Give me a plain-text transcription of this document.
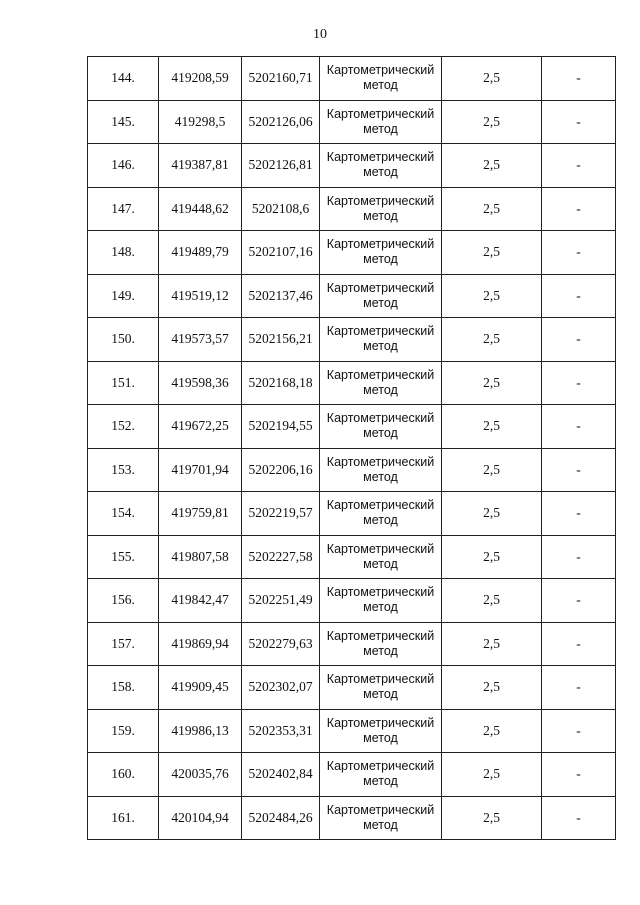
10
144.	419208,59	5202160,71	Картометрический метод	2,5	-
145.	419298,5	5202126,06	Картометрический метод	2,5	-
146.	419387,81	5202126,81	Картометрический метод	2,5	-
147.	419448,62	5202108,6	Картометрический метод	2,5	-
148.	419489,79	5202107,16	Картометрический метод	2,5	-
149.	419519,12	5202137,46	Картометрический метод	2,5	-
150.	419573,57	5202156,21	Картометрический метод	2,5	-
151.	419598,36	5202168,18	Картометрический метод	2,5	-
152.	419672,25	5202194,55	Картометрический метод	2,5	-
153.	419701,94	5202206,16	Картометрический метод	2,5	-
154.	419759,81	5202219,57	Картометрический метод	2,5	-
155.	419807,58	5202227,58	Картометрический метод	2,5	-
156.	419842,47	5202251,49	Картометрический метод	2,5	-
157.	419869,94	5202279,63	Картометрический метод	2,5	-
158.	419909,45	5202302,07	Картометрический метод	2,5	-
159.	419986,13	5202353,31	Картометрический метод	2,5	-
160.	420035,76	5202402,84	Картометрический метод	2,5	-
161.	420104,94	5202484,26	Картометрический метод	2,5	-
